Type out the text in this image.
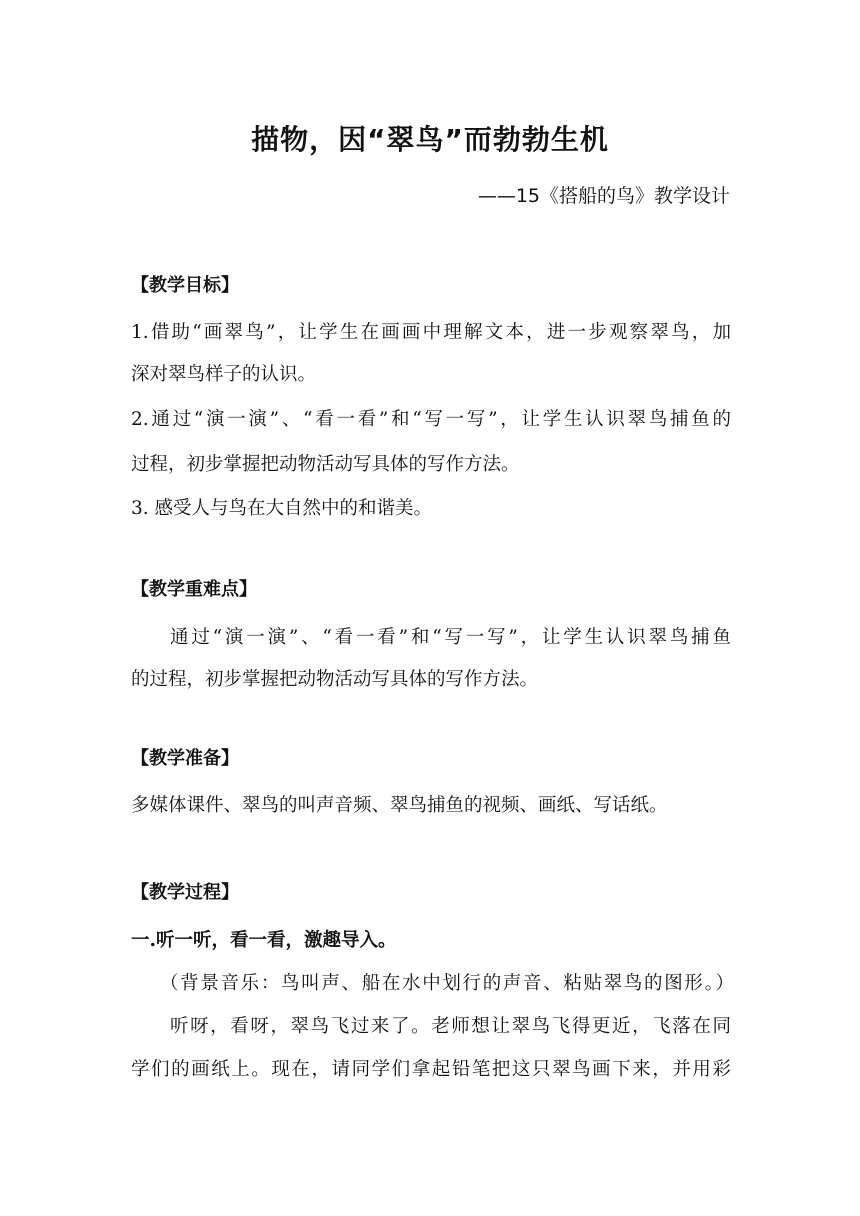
描物，因“翠鸟”而勃勃生机
——15《搭船的鸟》教学设计
【教学目标】
1.借助“画翠鸟”，让学生在画画中理解文本，进一步观察翠鸟，加
深对翠鸟样子的认识。
2.通过“演一演”、“看一看”和“写一写”，让学生认识翠鸟捕鱼的
过程，初步掌握把动物活动写具体的写作方法。
3. 感受人与鸟在大自然中的和谐美。
【教学重难点】
通过“演一演”、“看一看”和“写一写”，让学生认识翠鸟捕鱼
的过程，初步掌握把动物活动写具体的写作方法。
【教学准备】
多媒体课件、翠鸟的叫声音频、翠鸟捕鱼的视频、画纸、写话纸。
【教学过程】
一.听一听，看一看，激趣导入。
（背景音乐：鸟叫声、船在水中划行的声音、粘贴翠鸟的图形。）
听呀，看呀，翠鸟飞过来了。老师想让翠鸟飞得更近，飞落在同
学们的画纸上。现在，请同学们拿起铅笔把这只翠鸟画下来，并用彩
